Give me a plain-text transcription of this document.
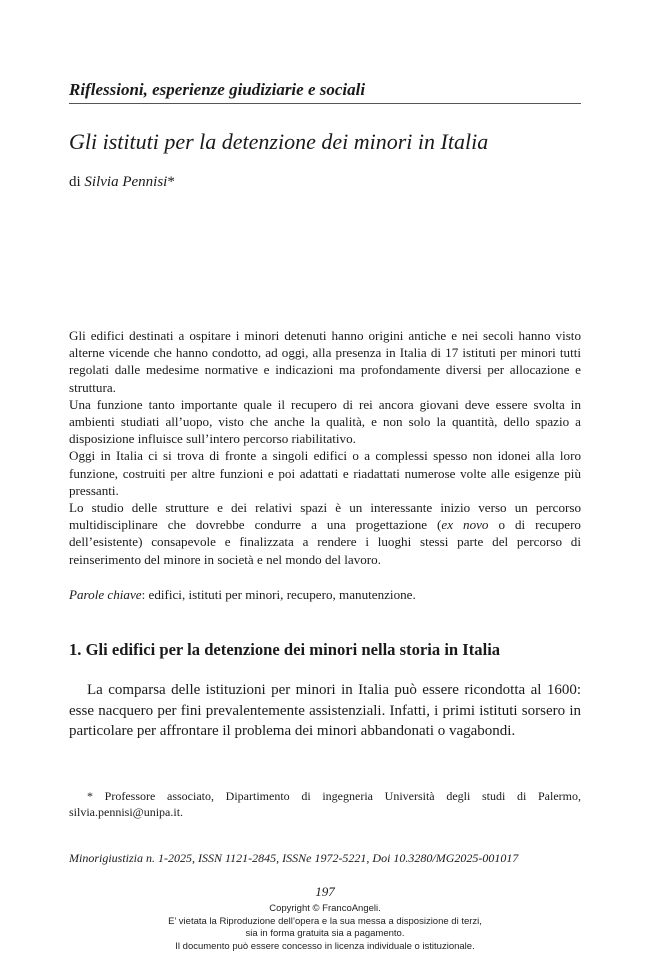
Riflessioni, esperienze giudiziarie e sociali
Gli istituti per la detenzione dei minori in Italia
di Silvia Pennisi*

Gli edifici destinati a ospitare i minori detenuti hanno origini antiche e nei secoli hanno visto alterne vicende che hanno condotto, ad oggi, alla presenza in Italia di 17 istituti per minori tutti regolati dalle medesime normative e indicazioni ma profondamente diversi per allocazione e struttura.

Una funzione tanto importante quale il recupero di rei ancora giovani deve essere svolta in ambienti studiati all’uopo, visto che anche la qualità, e non solo la quantità, dello spazio a disposizione influisce sull’intero percorso riabilitativo.

Oggi in Italia ci si trova di fronte a singoli edifici o a complessi spesso non idonei alla loro funzione, costruiti per altre funzioni e poi adattati e riadattati numerose volte alle esigenze più pressanti.

Lo studio delle strutture e dei relativi spazi è un interessante inizio verso un percorso multidisciplinare che dovrebbe condurre a una progettazione (ex novo o di recupero dell’esistente) consapevole e finalizzata a rendere i luoghi stessi parte del percorso di reinserimento del minore in società e nel mondo del lavoro.

Parole chiave: edifici, istituti per minori, recupero, manutenzione.
1. Gli edifici per la detenzione dei minori nella storia in Italia

La comparsa delle istituzioni per minori in Italia può essere ricondotta al 1600: esse nacquero per fini prevalentemente assistenziali. Infatti, i primi istituti sorsero in particolare per affrontare il problema dei minori abbandonati o vagabondi.

* Professore associato, Dipartimento di ingegneria Università degli studi di Palermo, silvia.pennisi@unipa.it.

Minorigiustizia n. 1-2025, ISSN 1121-2845, ISSNe 1972-5221, Doi 10.3280/MG2025-001017
197
Copyright © FrancoAngeli.
E’ vietata la Riproduzione dell’opera e la sua messa a disposizione di terzi,
sia in forma gratuita sia a pagamento.
Il documento può essere concesso in licenza individuale o istituzionale.
